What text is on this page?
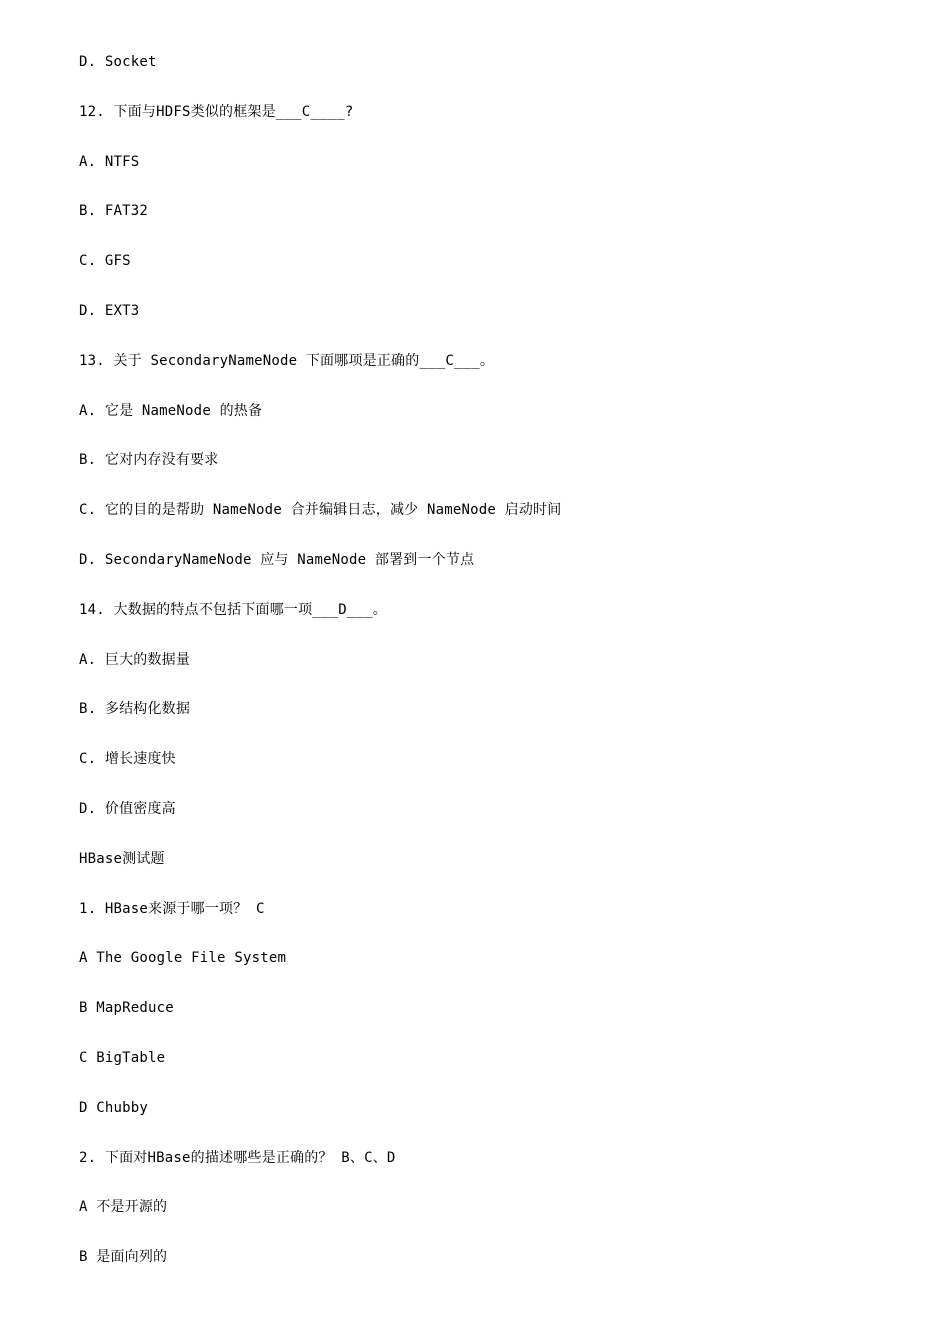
D. Socket
12. 下面与HDFS类似的框架是___C____?
A. NTFS
B. FAT32
C. GFS
D. EXT3
13. 关于 SecondaryNameNode 下面哪项是正确的___C___。
A. 它是 NameNode 的热备
B. 它对内存没有要求
C. 它的目的是帮助 NameNode 合并编辑日志，减少 NameNode 启动时间
D. SecondaryNameNode 应与 NameNode 部署到一个节点
14. 大数据的特点不包括下面哪一项___D___。
A. 巨大的数据量
B. 多结构化数据
C. 增长速度快
D. 价值密度高
HBase测试题
1. HBase来源于哪一项？ C
A The Google File System
B MapReduce
C BigTable
D Chubby
2. 下面对HBase的描述哪些是正确的？ B、C、D
A 不是开源的
B 是面向列的
